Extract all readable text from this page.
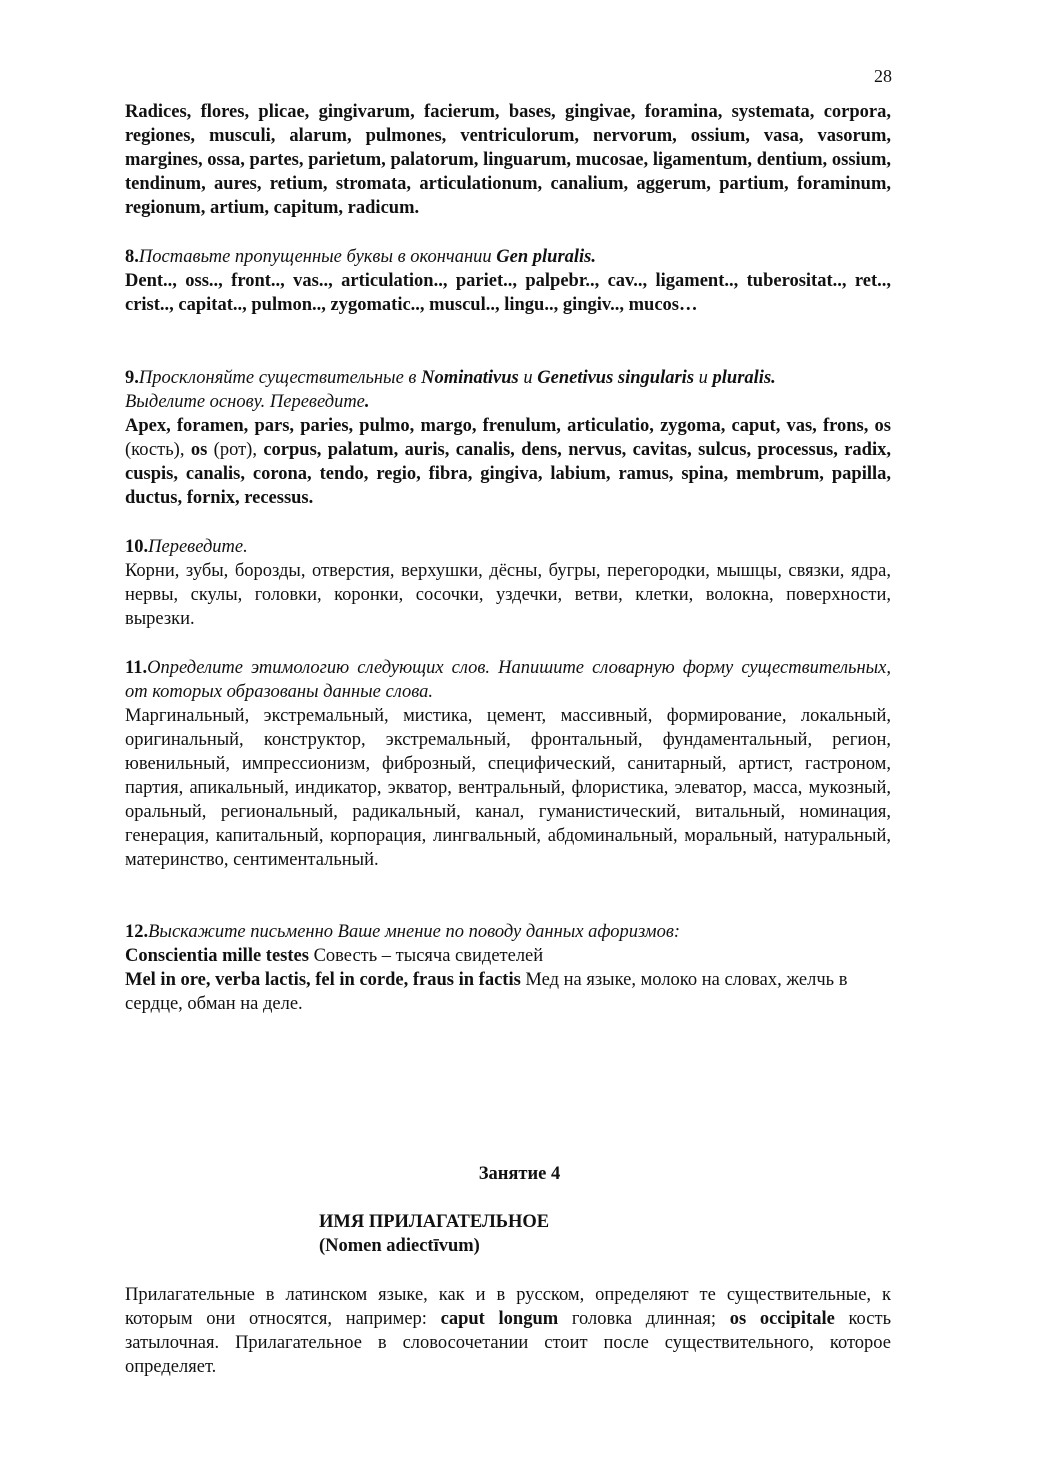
28

Radices, flores, plicae, gingivarum, facierum, bases, gingivae, foramina, systemata, corpora, regiones, musculi, alarum, pulmones, ventriculorum, nervorum, ossium, vasa, vasorum, margines, ossa, partes, parietum, palatorum, linguarum, mucosae, ligamentum, dentium, ossium, tendinum, aures, retium, stromata, articulationum, canalium, aggerum, partium, foraminum, regionum, artium, capitum, radicum.

8.Поставьте пропущенные буквы в окончании Gen pluralis.

Dent.., oss.., front.., vas.., articulation.., pariet.., palpebr.., cav.., ligament.., tuberositat.., ret.., crist.., capitat.., pulmon.., zygomatic.., muscul.., lingu.., gingiv.., mucos…

9.Просклоняйте существительные в Nominativus и Genetivus singularis и pluralis.

Выделите основу. Переведите.

Apex, foramen, pars, paries, pulmo, margo, frenulum, articulatio, zygoma, caput, vas, frons, os (кость), os (рот), corpus, palatum, auris, canalis, dens, nervus, cavitas, sulcus, processus, radix, cuspis, canalis, corona, tendo, regio, fibra, gingiva, labium, ramus, spina, membrum, papilla, ductus, fornix, recessus.

10.Переведите.

Корни, зубы, борозды, отверстия, верхушки, дёсны, бугры, перегородки, мышцы, связки, ядра, нервы, скулы, головки, коронки, сосочки, уздечки, ветви, клетки, волокна, поверхности, вырезки.

11.Определите этимологию следующих слов. Напишите словарную форму существительных, от которых образованы данные слова.

Маргинальный, экстремальный, мистика, цемент, массивный, формирование, локальный, оригинальный, конструктор, экстремальный, фронтальный, фундаментальный, регион, ювенильный, импрессионизм, фиброзный, специфический, санитарный, артист, гастроном, партия, апикальный, индикатор, экватор, вентральный, флористика, элеватор, масса, мукозный, оральный, региональный, радикальный, канал, гуманистический, витальный, номинация, генерация, капитальный, корпорация, лингвальный, абдоминальный, моральный, натуральный, материнство, сентиментальный.

12.Выскажите письменно Ваше мнение по поводу данных афоризмов:

Conscientia mille testes Совесть – тысяча свидетелей

Mel in ore, verba lactis, fel in corde, fraus in factis Мед на языке, молоко на словах, желчь в сердце, обман на деле.

Занятие 4
ИМЯ ПРИЛАГАТЕЛЬНОЕ
(Nomen adiectīvum)

Прилагательные в латинском языке, как и в русском, определяют те существительные, к которым они относятся, например: caput longum головка длинная; os occipitale кость затылочная. Прилагательное в словосочетании стоит после существительного, которое определяет.
